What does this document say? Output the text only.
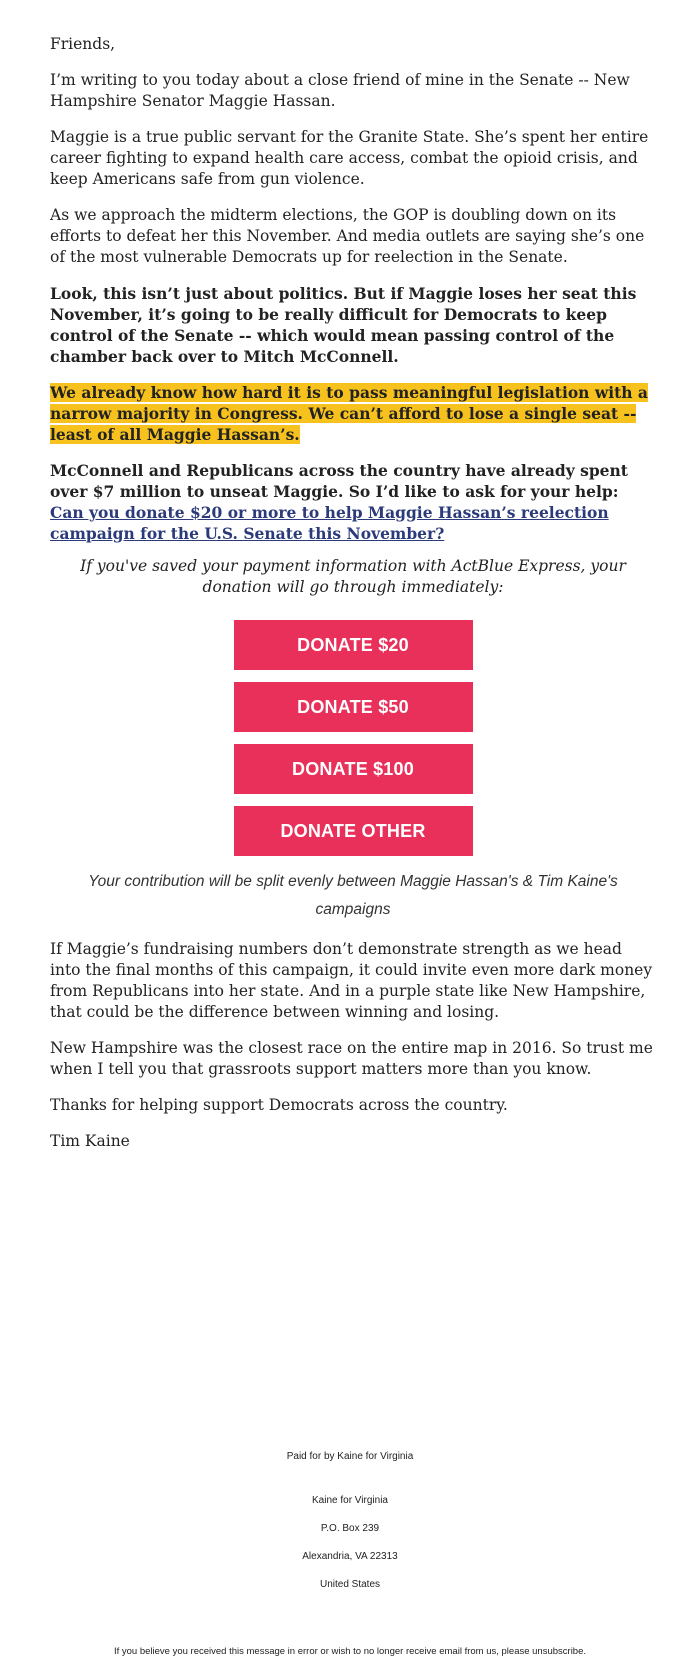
Friends,

I’m writing to you today about a close friend of mine in the Senate -- New Hampshire Senator Maggie Hassan.

Maggie is a true public servant for the Granite State. She’s spent her entire career fighting to expand health care access, combat the opioid crisis, and keep Americans safe from gun violence.

As we approach the midterm elections, the GOP is doubling down on its efforts to defeat her this November. And media outlets are saying she’s one of the most vulnerable Democrats up for reelection in the Senate.

Look, this isn’t just about politics. But if Maggie loses her seat this November, it’s going to be really difficult for Democrats to keep control of the Senate -- which would mean passing control of the chamber back over to Mitch McConnell.

We already know how hard it is to pass meaningful legislation with a narrow majority in Congress. We can’t afford to lose a single seat -- least of all Maggie Hassan’s.

McConnell and Republicans across the country have already spent over $7 million to unseat Maggie. So I’d like to ask for your help: Can you donate $20 or more to help Maggie Hassan’s reelection campaign for the U.S. Senate this November?

If you've saved your payment information with ActBlue Express, your donation will go through immediately:

DONATE $20
DONATE $50
DONATE $100
DONATE OTHER

Your contribution will be split evenly between Maggie Hassan's & Tim Kaine's campaigns

If Maggie’s fundraising numbers don’t demonstrate strength as we head into the final months of this campaign, it could invite even more dark money from Republicans into her state. And in a purple state like New Hampshire, that could be the difference between winning and losing.

New Hampshire was the closest race on the entire map in 2016. So trust me when I tell you that grassroots support matters more than you know.

Thanks for helping support Democrats across the country.

Tim Kaine

Paid for by Kaine for Virginia
Kaine for Virginia
P.O. Box 239
Alexandria, VA 22313
United States
If you believe you received this message in error or wish to no longer receive email from us, please unsubscribe.
